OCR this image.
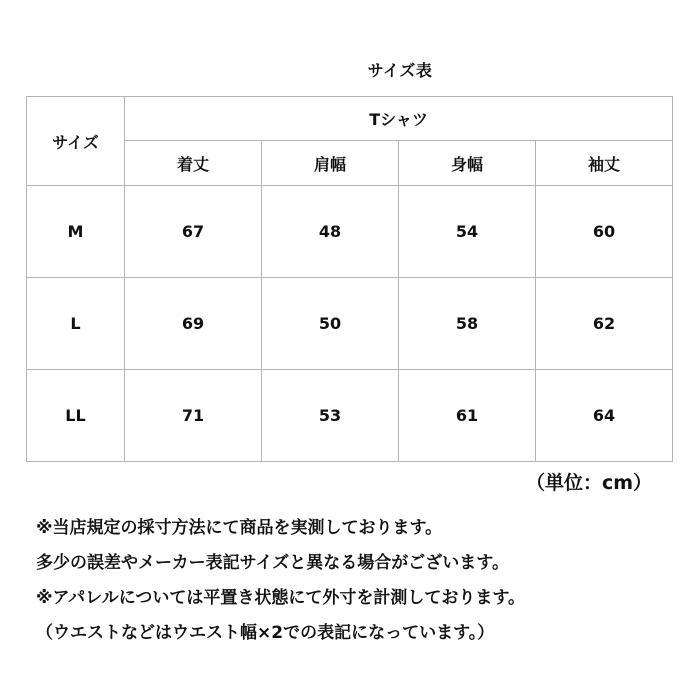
サイズ表
サイズ	Tシャツ			
	着丈	肩幅	身幅	袖丈
M	67	48	54	60
L	69	50	58	62
LL	71	53	61	64
（単位：cm）
※当店規定の採寸方法にて商品を実測しております。
多少の誤差やメーカー表記サイズと異なる場合がございます。
※アパレルについては平置き状態にて外寸を計測しております。
（ウエストなどはウエスト幅×2での表記になっています。）
